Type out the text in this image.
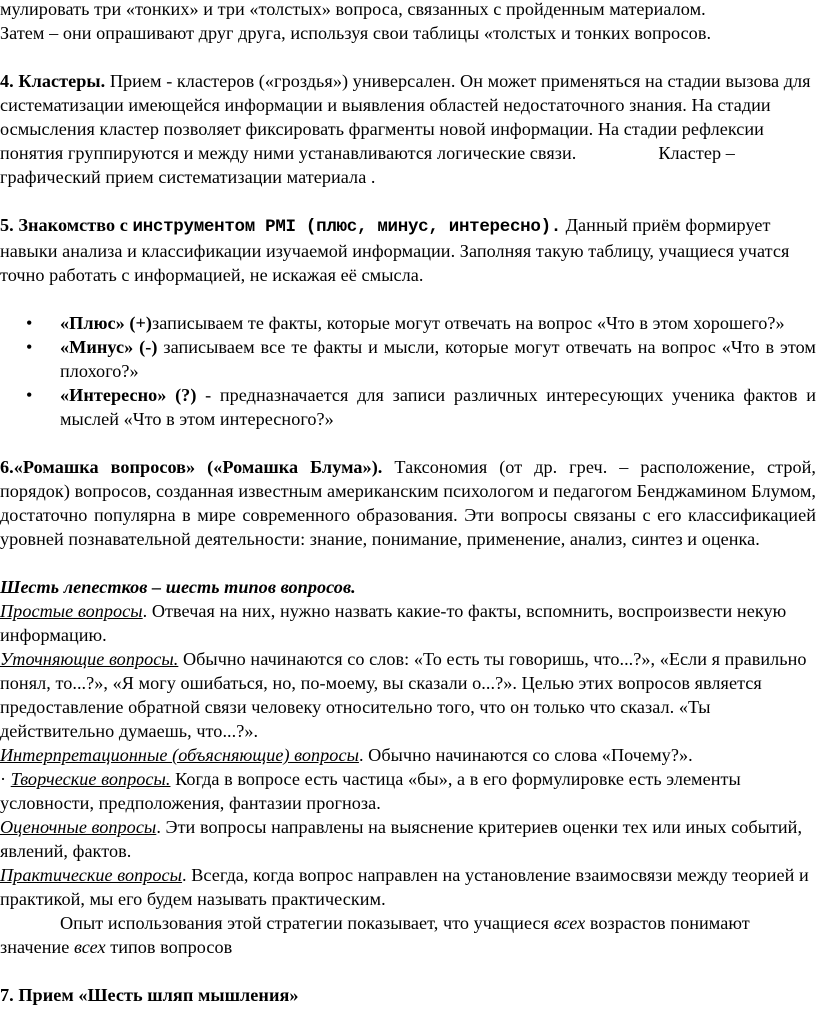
мулировать три «тонких» и три «толстых» вопроса, связанных с пройденным материалом.
Затем – они опрашивают друг друга, используя свои таблицы «толстых и тонких вопросов.

4. Кластеры. Прием - кластеров («гроздья») универсален. Он может применяться на стадии вызова для систематизации имеющейся информации и выявления областей недостаточного знания. На стадии осмысления кластер позволяет фиксировать фрагменты новой информации. На стадии рефлексии понятия группируются и между ними устанавливаются логические связи.	Кластер – графический прием систематизации материала .

5. Знакомство с инструментом PMI (плюс, минус, интересно). Данный приём формирует навыки анализа и классификации изучаемой информации. Заполняя такую таблицу, учащиеся учатся точно работать с информацией, не искажая её смысла.

• «Плюс» (+)записываем те факты, которые могут отвечать на вопрос «Что в этом хорошего?»
• «Минус» (-) записываем все те факты и мысли, которые могут отвечать на вопрос «Что в этом плохого?»
• «Интересно» (?) - предназначается для записи различных интересующих ученика фактов и мыслей «Что в этом интересного?»

6.«Ромашка вопросов» («Ромашка Блума»). Таксономия (от др. греч. – расположение, строй, порядок) вопросов, созданная известным американским психологом и педагогом Бенджамином Блумом, достаточно популярна в мире современного образования. Эти вопросы связаны с его классификацией уровней познавательной деятельности: знание, понимание, применение, анализ, синтез и оценка.

Шесть лепестков – шесть типов вопросов.

Простые вопросы. Отвечая на них, нужно назвать какие-то факты, вспомнить, воспроизвести некую информацию.

Уточняющие вопросы. Обычно начинаются со слов: «То есть ты говоришь, что...?», «Если я правильно понял, то...?», «Я могу ошибаться, но, по-моему, вы сказали о...?». Целью этих вопросов является предоставление обратной связи человеку относительно того, что он только что сказал. «Ты действительно думаешь, что...?».

Интерпретационные (объясняющие) вопросы. Обычно начинаются со слова «Почему?».

· Творческие вопросы. Когда в вопросе есть частица «бы», а в его формулировке есть элементы условности, предположения, фантазии прогноза.

Оценочные вопросы. Эти вопросы направлены на выяснение критериев оценки тех или иных событий, явлений, фактов.

Практические вопросы. Всегда, когда вопрос направлен на установление взаимосвязи между теорией и практикой, мы его будем называть практическим.

Опыт использования этой стратегии показывает, что учащиеся всех возрастов понимают значение всех типов вопросов

7. Прием «Шесть шляп мышления»
